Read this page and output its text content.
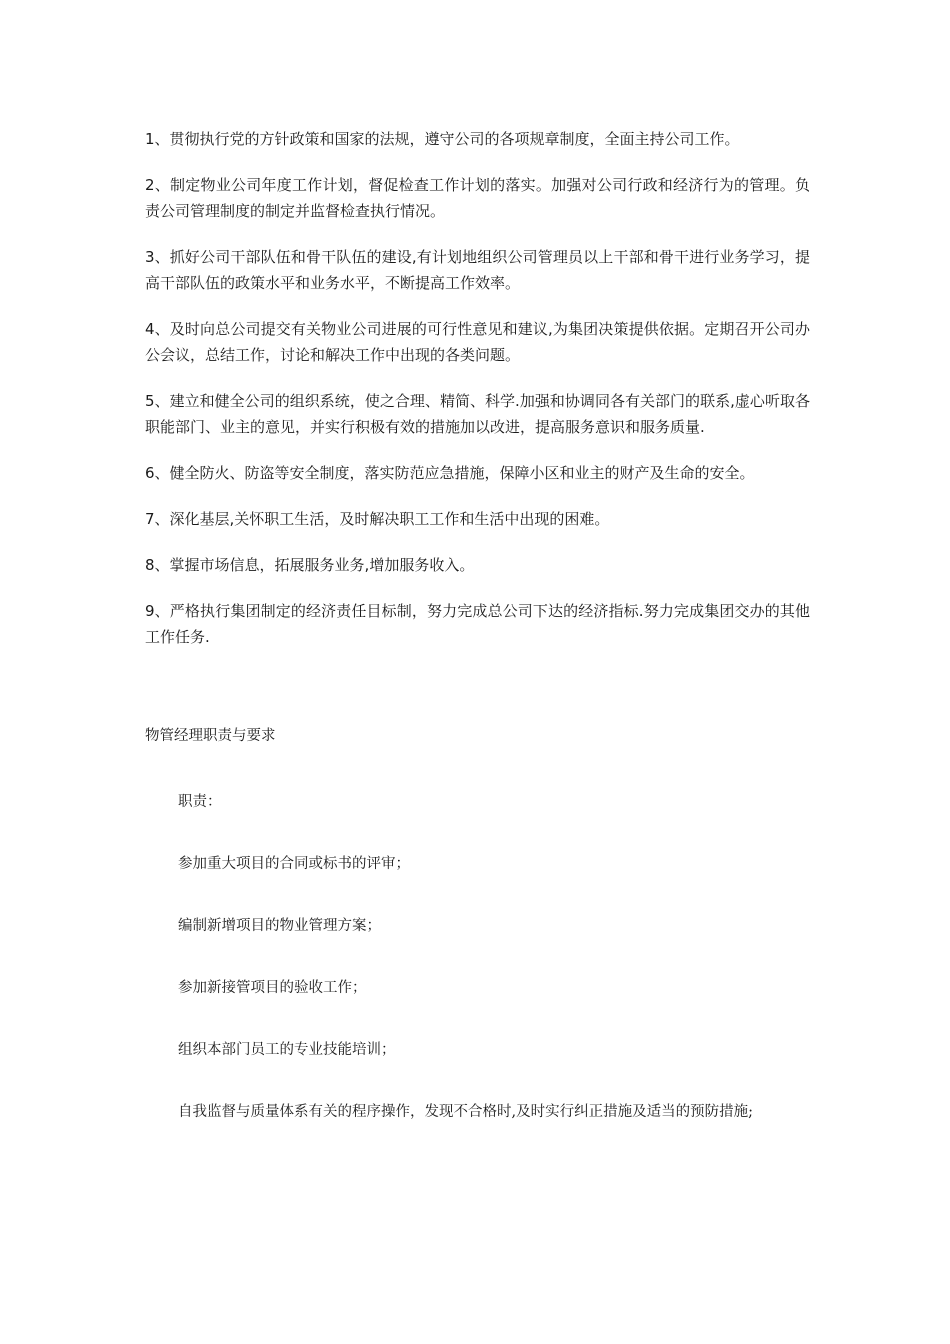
1、贯彻执行党的方针政策和国家的法规，遵守公司的各项规章制度，全面主持公司工作。

2、制定物业公司年度工作计划，督促检查工作计划的落实。加强对公司行政和经济行为的管理。负责公司管理制度的制定并监督检查执行情况。

3、抓好公司干部队伍和骨干队伍的建设,有计划地组织公司管理员以上干部和骨干进行业务学习，提高干部队伍的政策水平和业务水平，不断提高工作效率。

4、及时向总公司提交有关物业公司进展的可行性意见和建议,为集团决策提供依据。定期召开公司办公会议，总结工作，讨论和解决工作中出现的各类问题。

5、建立和健全公司的组织系统，使之合理、精简、科学.加强和协调同各有关部门的联系,虚心听取各职能部门、业主的意见，并实行积极有效的措施加以改进，提高服务意识和服务质量.

6、健全防火、防盗等安全制度，落实防范应急措施，保障小区和业主的财产及生命的安全。

7、深化基层,关怀职工生活，及时解决职工工作和生活中出现的困难。

8、掌握市场信息，拓展服务业务,增加服务收入。

9、严格执行集团制定的经济责任目标制，努力完成总公司下达的经济指标.努力完成集团交办的其他工作任务.

物管经理职责与要求

职责：

参加重大项目的合同或标书的评审；

编制新增项目的物业管理方案；

参加新接管项目的验收工作；

组织本部门员工的专业技能培训；

自我监督与质量体系有关的程序操作，发现不合格时,及时实行纠正措施及适当的预防措施;
